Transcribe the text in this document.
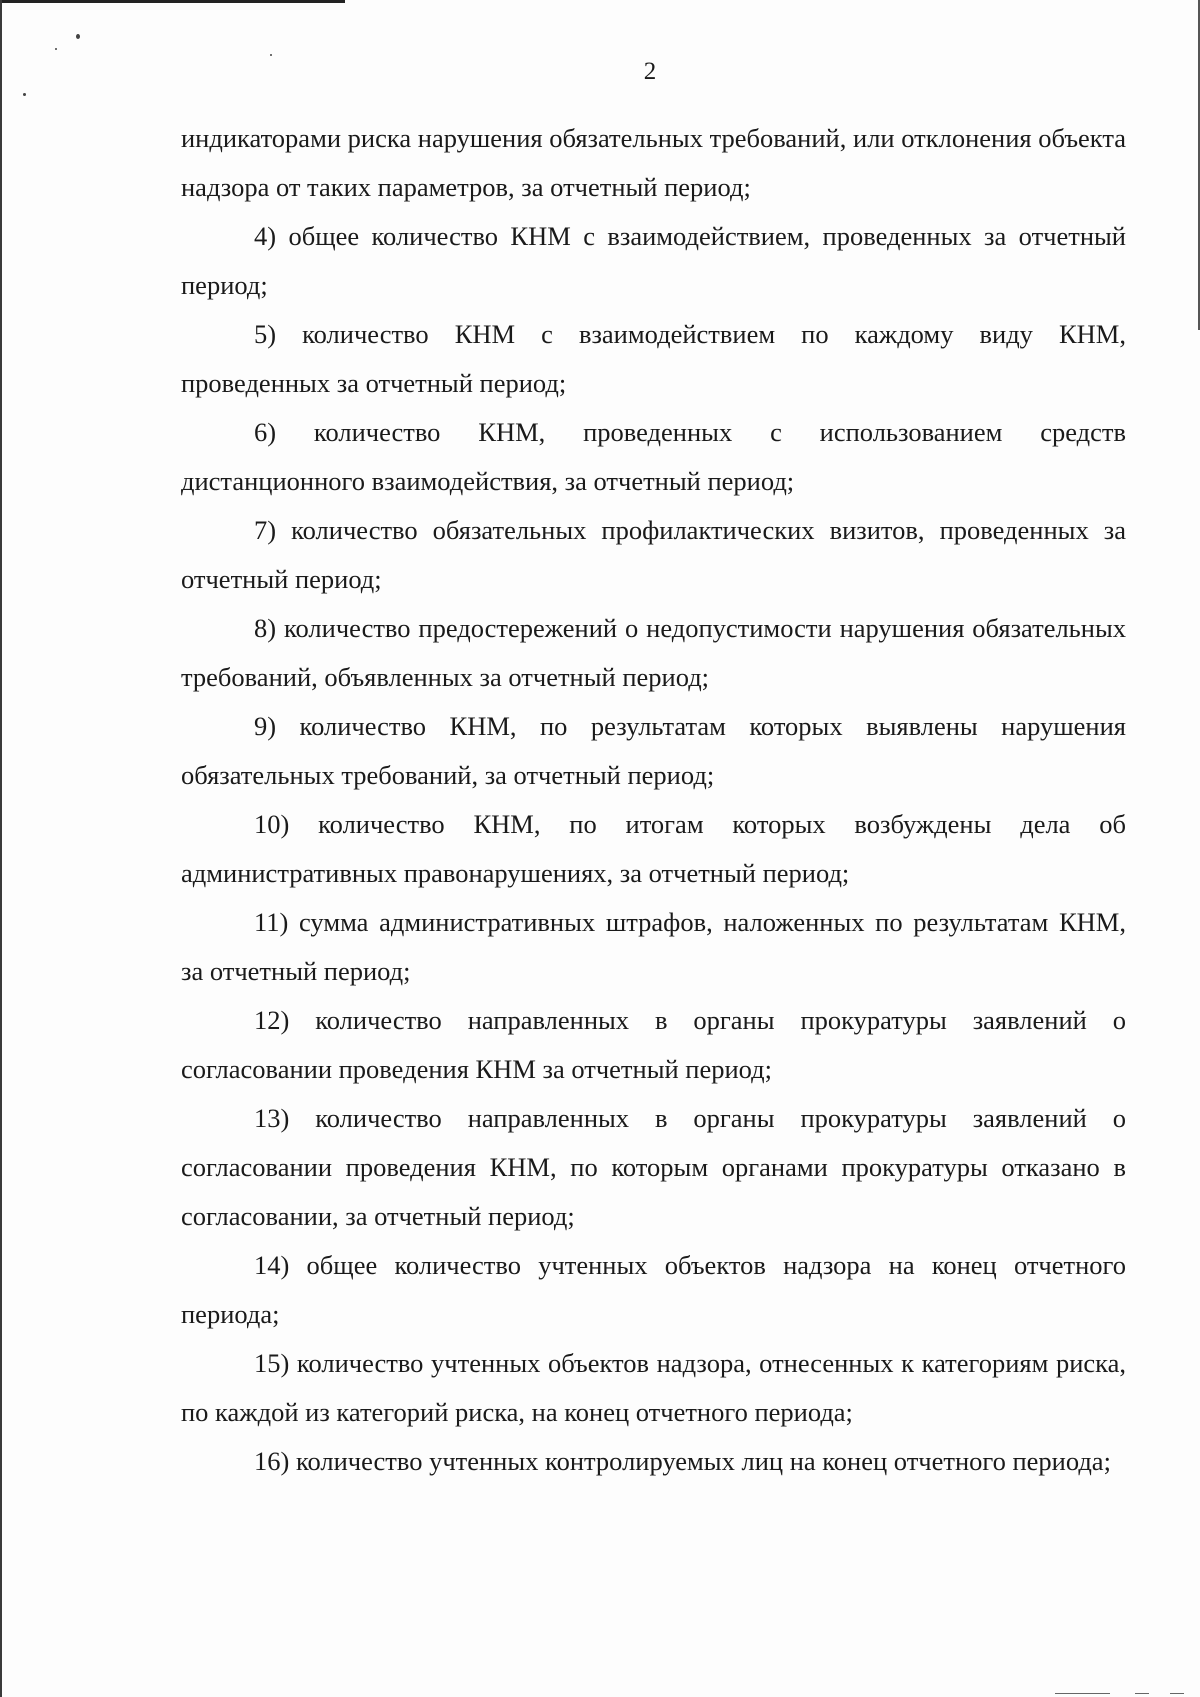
2

индикаторами риска нарушения обязательных требований, или отклонения объекта надзора от таких параметров, за отчетный период;

4) общее количество КНМ с взаимодействием, проведенных за отчетный период;

5) количество КНМ с взаимодействием по каждому виду КНМ, проведенных за отчетный период;

6) количество КНМ, проведенных с использованием средств дистанционного взаимодействия, за отчетный период;

7) количество обязательных профилактических визитов, проведенных за отчетный период;

8) количество предостережений о недопустимости нарушения обязательных требований, объявленных за отчетный период;

9) количество КНМ, по результатам которых выявлены нарушения обязательных требований, за отчетный период;

10) количество КНМ, по итогам которых возбуждены дела об административных правонарушениях, за отчетный период;

11) сумма административных штрафов, наложенных по результатам КНМ, за отчетный период;

12) количество направленных в органы прокуратуры заявлений о согласовании проведения КНМ за отчетный период;

13) количество направленных в органы прокуратуры заявлений о согласовании проведения КНМ, по которым органами прокуратуры отказано в согласовании, за отчетный период;

14) общее количество учтенных объектов надзора на конец отчетного периода;

15) количество учтенных объектов надзора, отнесенных к категориям риска, по каждой из категорий риска, на конец отчетного периода;

16) количество учтенных контролируемых лиц на конец отчетного периода;
